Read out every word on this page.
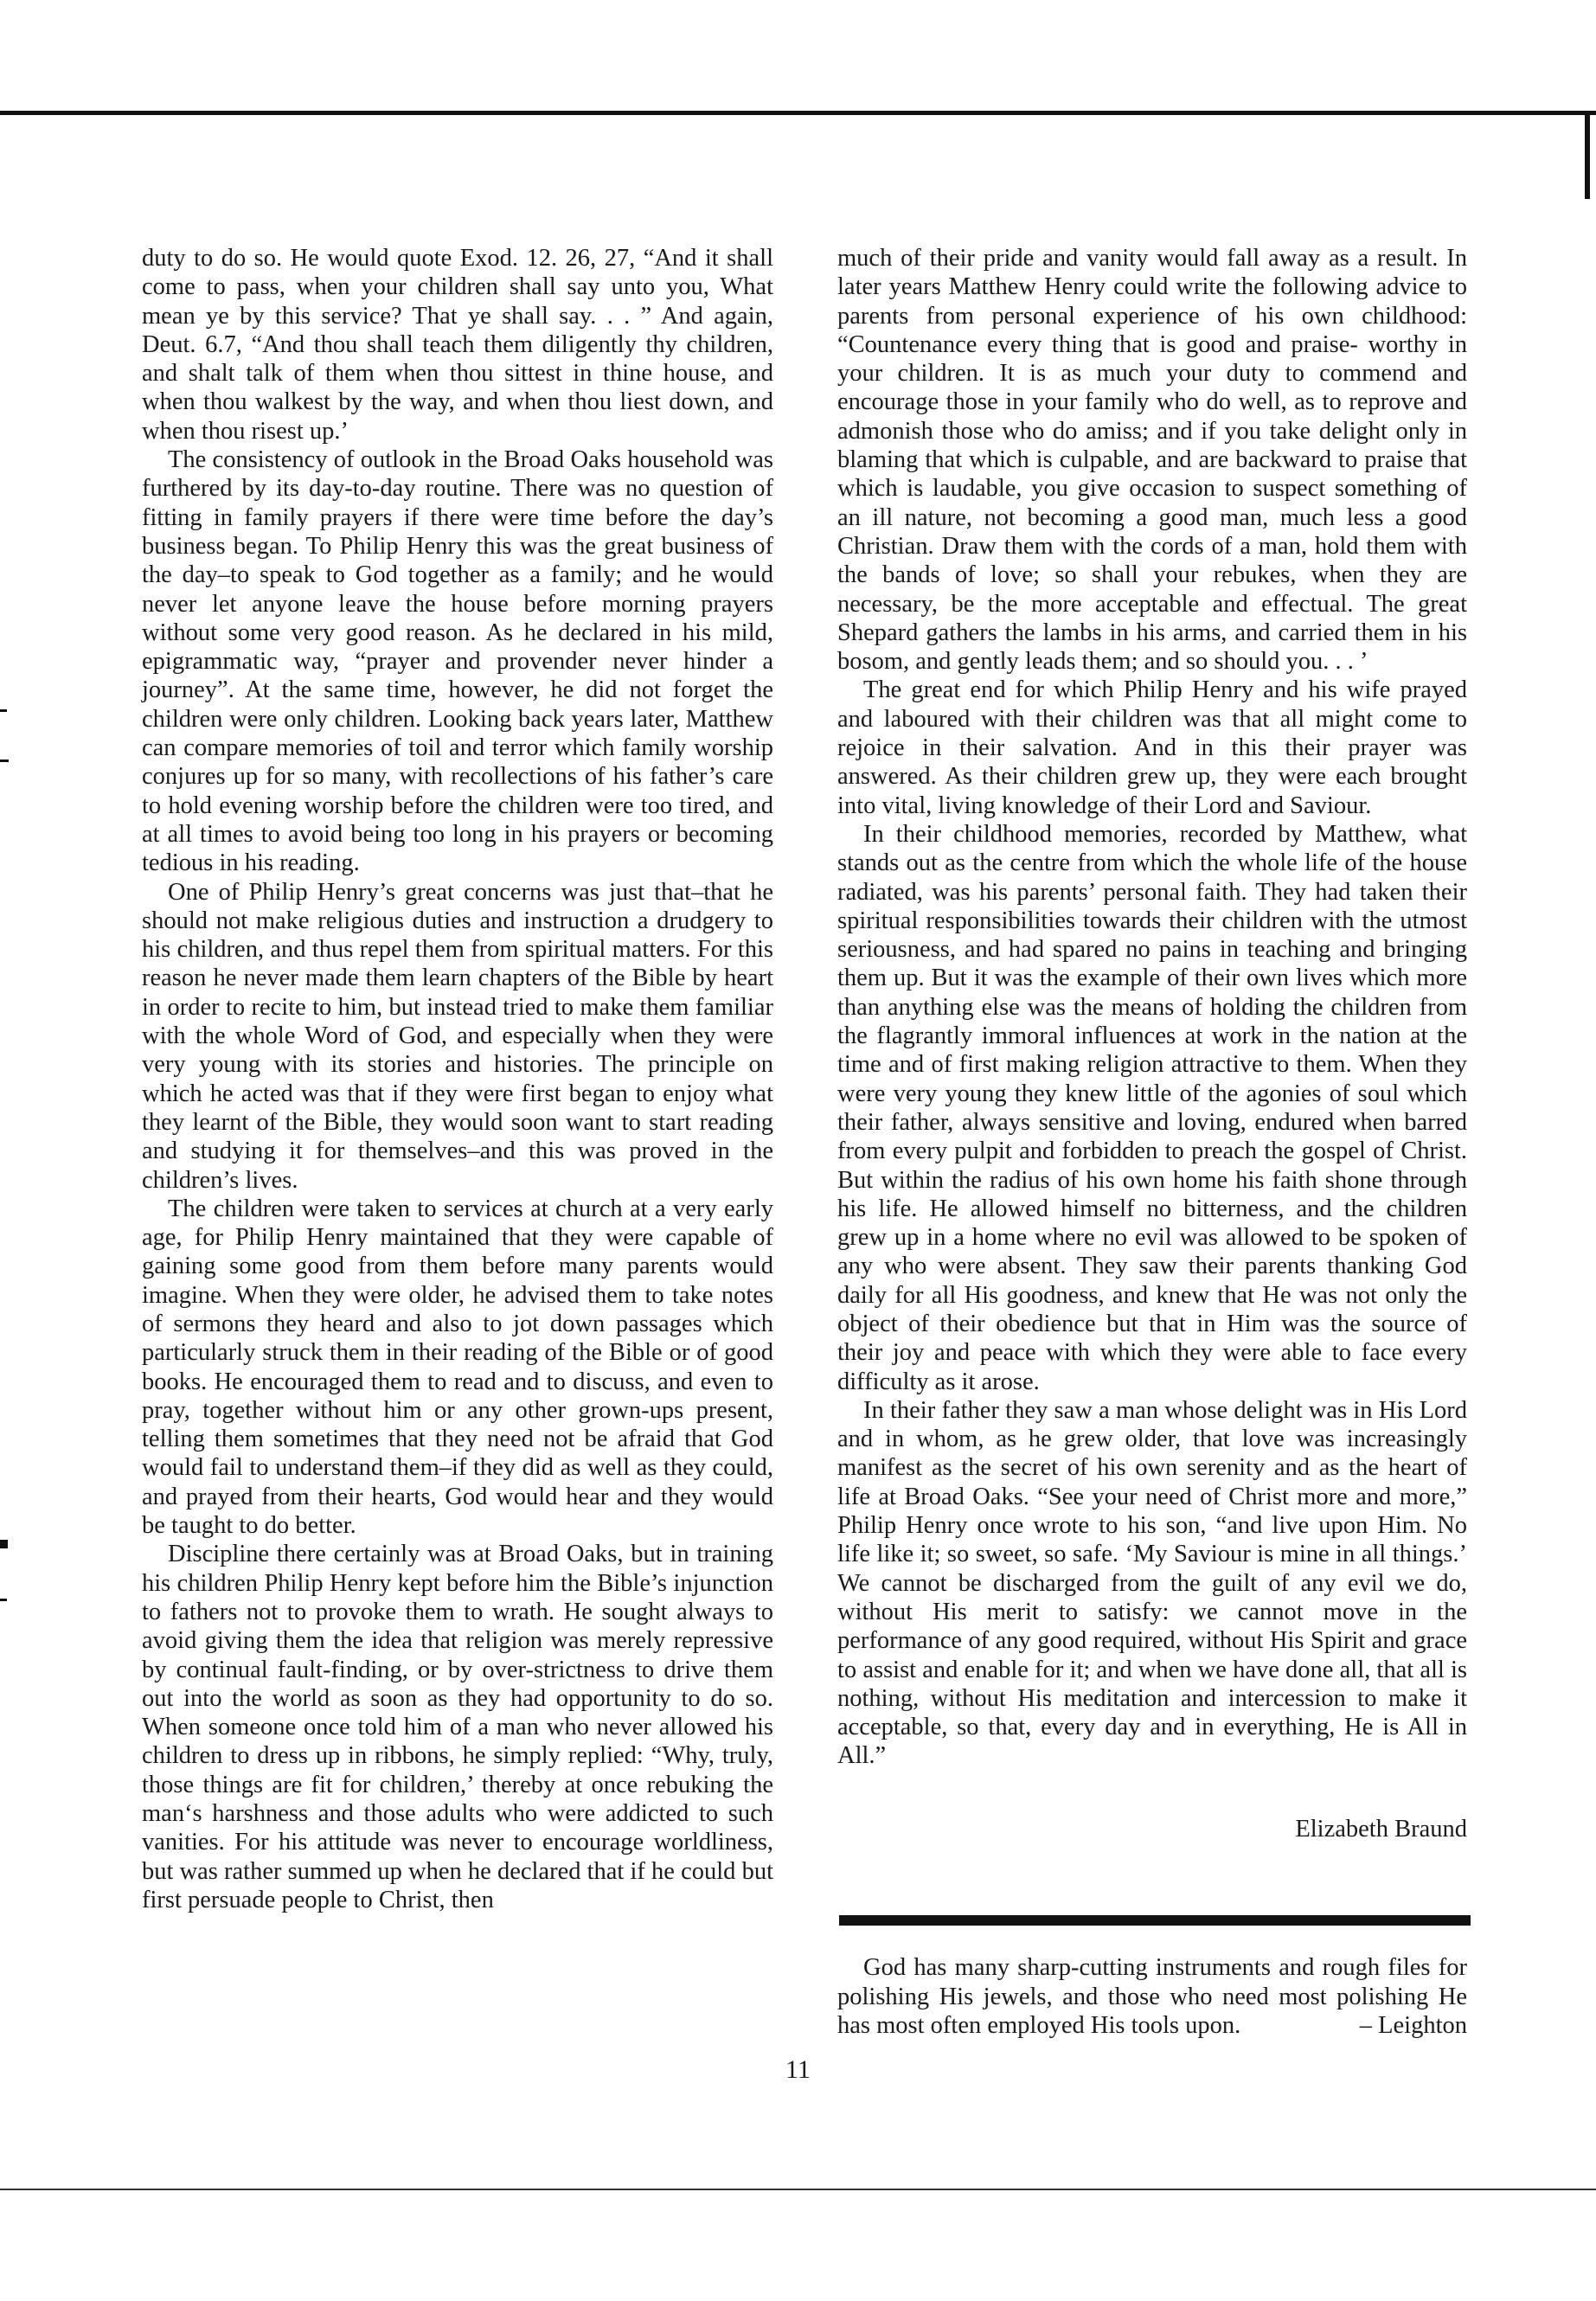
duty to do so. He would quote Exod. 12. 26, 27, “And it shall come to pass, when your children shall say unto you, What mean ye by this service? That ye shall say. . . ” And again, Deut. 6.7, “And thou shall teach them diligently thy children, and shalt talk of them when thou sittest in thine house, and when thou walkest by the way, and when thou liest down, and when thou risest up.’

The consistency of outlook in the Broad Oaks household was furthered by its day-to-day routine. There was no question of fitting in family prayers if there were time before the day’s business began. To Philip Henry this was the great business of the day–to speak to God together as a family; and he would never let anyone leave the house before morning prayers without some very good reason. As he declared in his mild, epigrammatic way, “prayer and provender never hinder a journey”. At the same time, however, he did not forget the children were only children. Looking back years later, Matthew can compare memories of toil and terror which family worship conjures up for so many, with recollections of his father’s care to hold evening worship before the children were too tired, and at all times to avoid being too long in his prayers or becoming tedious in his reading.

One of Philip Henry’s great concerns was just that–that he should not make religious duties and instruction a drudgery to his children, and thus repel them from spiritual matters. For this reason he never made them learn chapters of the Bible by heart in order to recite to him, but instead tried to make them familiar with the whole Word of God, and especially when they were very young with its stories and histories. The principle on which he acted was that if they were first began to enjoy what they learnt of the Bible, they would soon want to start reading and studying it for themselves–and this was proved in the children’s lives.

The children were taken to services at church at a very early age, for Philip Henry maintained that they were capable of gaining some good from them before many parents would imagine. When they were older, he advised them to take notes of sermons they heard and also to jot down passages which particularly struck them in their reading of the Bible or of good books. He encouraged them to read and to discuss, and even to pray, together without him or any other grown-ups present, telling them sometimes that they need not be afraid that God would fail to understand them–if they did as well as they could, and prayed from their hearts, God would hear and they would be taught to do better.

Discipline there certainly was at Broad Oaks, but in training his children Philip Henry kept before him the Bible’s injunction to fathers not to provoke them to wrath. He sought always to avoid giving them the idea that religion was merely repressive by continual fault-finding, or by over-strictness to drive them out into the world as soon as they had opportunity to do so. When someone once told him of a man who never allowed his children to dress up in ribbons, he simply replied: “Why, truly, those things are fit for children,’ thereby at once rebuking the man‘s harshness and those adults who were addicted to such vanities. For his attitude was never to encourage worldliness, but was rather summed up when he declared that if he could but first persuade people to Christ, then

much of their pride and vanity would fall away as a result. In later years Matthew Henry could write the following advice to parents from personal experience of his own childhood: “Countenance every thing that is good and praise- worthy in your children. It is as much your duty to commend and encourage those in your family who do well, as to reprove and admonish those who do amiss; and if you take delight only in blaming that which is culpable, and are backward to praise that which is laudable, you give occasion to suspect something of an ill nature, not becoming a good man, much less a good Christian. Draw them with the cords of a man, hold them with the bands of love; so shall your rebukes, when they are necessary, be the more acceptable and effectual. The great Shepard gathers the lambs in his arms, and carried them in his bosom, and gently leads them; and so should you. . . ’

The great end for which Philip Henry and his wife prayed and laboured with their children was that all might come to rejoice in their salvation. And in this their prayer was answered. As their children grew up, they were each brought into vital, living knowledge of their Lord and Saviour.

In their childhood memories, recorded by Matthew, what stands out as the centre from which the whole life of the house radiated, was his parents’ personal faith. They had taken their spiritual responsibilities towards their children with the utmost seriousness, and had spared no pains in teaching and bringing them up. But it was the example of their own lives which more than anything else was the means of holding the children from the flagrantly immoral influences at work in the nation at the time and of first making religion attractive to them. When they were very young they knew little of the agonies of soul which their father, always sensitive and loving, endured when barred from every pulpit and forbidden to preach the gospel of Christ. But within the radius of his own home his faith shone through his life. He allowed himself no bitterness, and the children grew up in a home where no evil was allowed to be spoken of any who were absent. They saw their parents thanking God daily for all His goodness, and knew that He was not only the object of their obedience but that in Him was the source of their joy and peace with which they were able to face every difficulty as it arose.

In their father they saw a man whose delight was in His Lord and in whom, as he grew older, that love was increasingly manifest as the secret of his own serenity and as the heart of life at Broad Oaks. “See your need of Christ more and more,” Philip Henry once wrote to his son, “and live upon Him. No life like it; so sweet, so safe. ‘My Saviour is mine in all things.’ We cannot be discharged from the guilt of any evil we do, without His merit to satisfy: we cannot move in the performance of any good required, without His Spirit and grace to assist and enable for it; and when we have done all, that all is nothing, without His meditation and intercession to make it acceptable, so that, every day and in everything, He is All in All.”

Elizabeth Braund

God has many sharp-cutting instruments and rough files for polishing His jewels, and those who need most polishing He has most often employed His tools upon.	– Leighton

11
